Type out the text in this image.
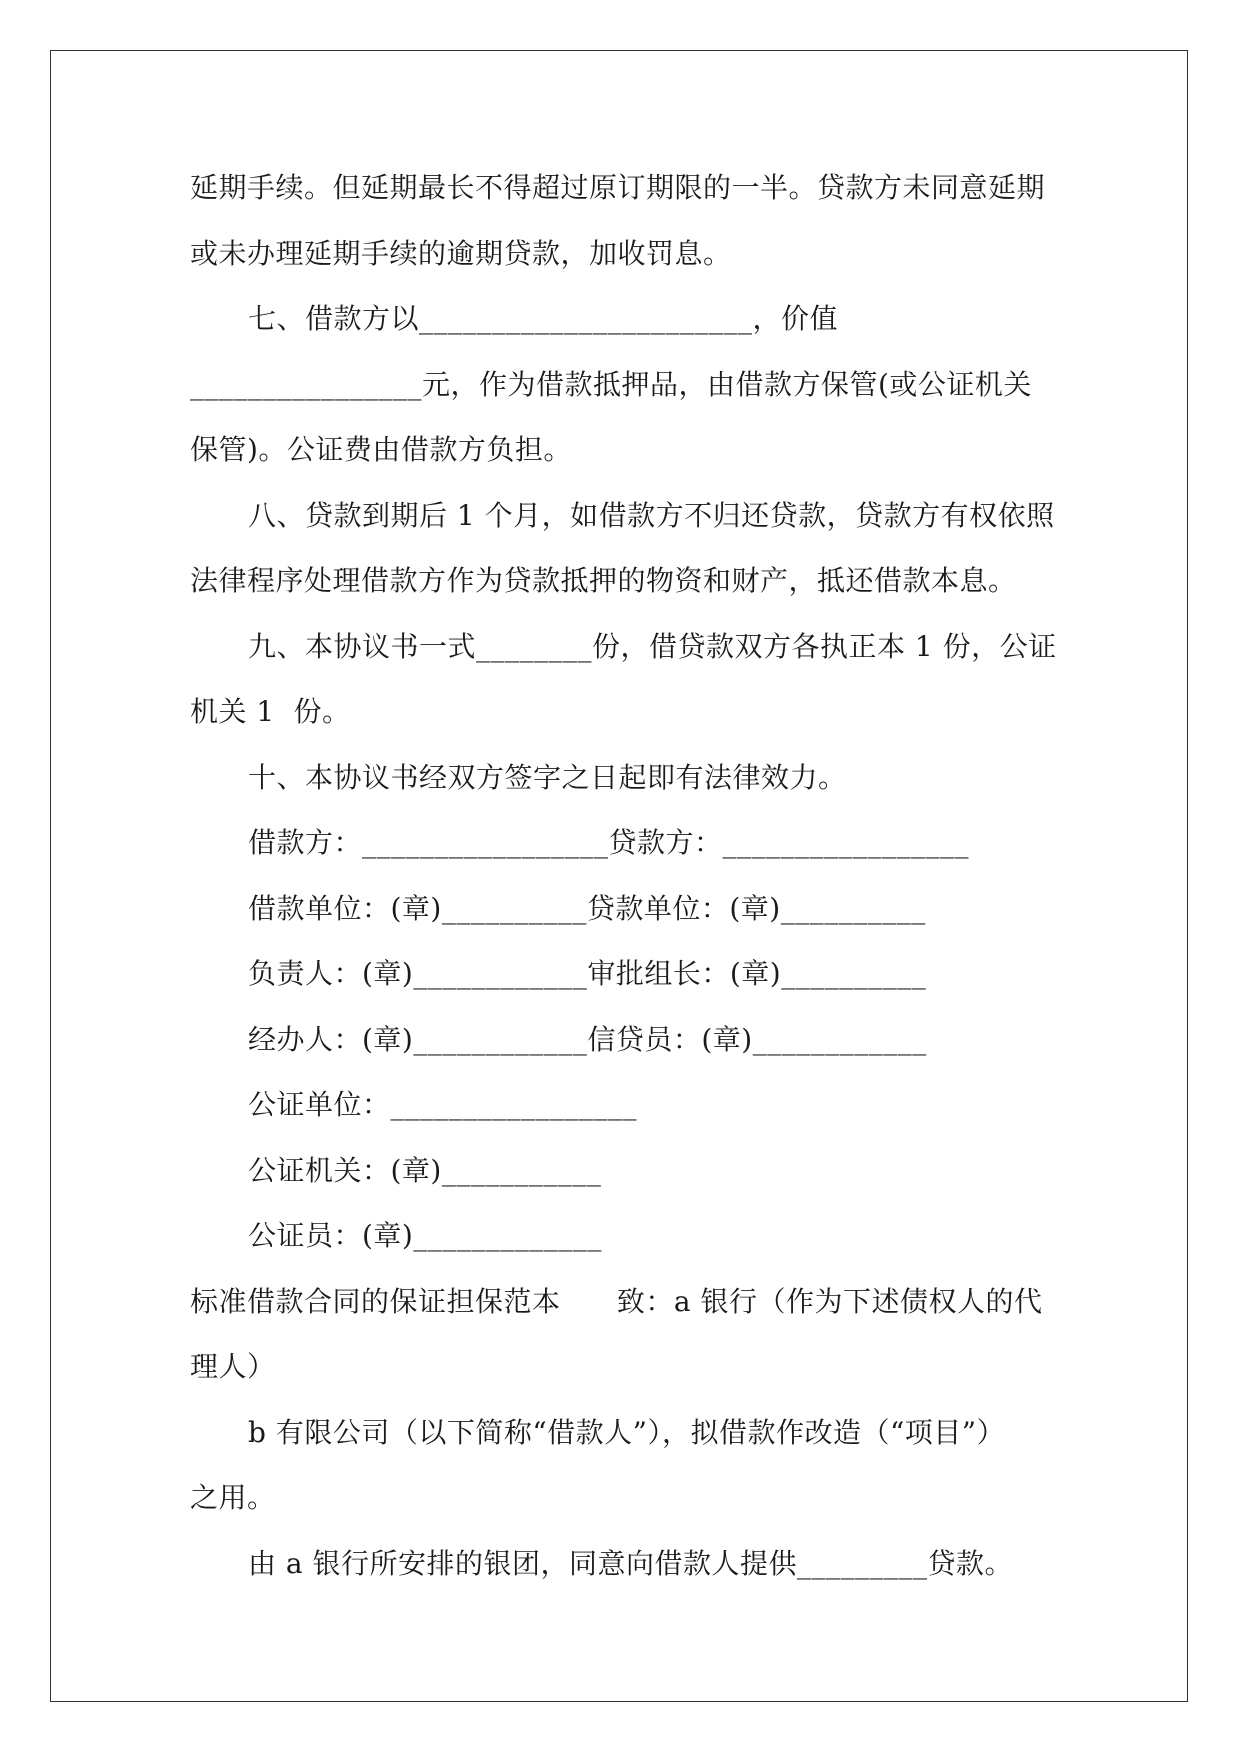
延期手续。但延期最长不得超过原订期限的一半。贷款方未同意延期
或未办理延期手续的逾期贷款，加收罚息。
七、借款方以_______________________，价值
________________元，作为借款抵押品，由借款方保管(或公证机关
保管)。公证费由借款方负担。
八、贷款到期后 1 个月，如借款方不归还贷款，贷款方有权依照
法律程序处理借款方作为贷款抵押的物资和财产，抵还借款本息。
九、本协议书一式________份，借贷款双方各执正本 1 份，公证
机关 1  份。
十、本协议书经双方签字之日起即有法律效力。
借款方：_________________贷款方：_________________
借款单位：(章)__________贷款单位：(章)__________
负责人：(章)____________审批组长：(章)__________
经办人：(章)____________信贷员：(章)____________
公证单位：_________________
公证机关：(章)___________
公证员：(章)_____________
标准借款合同的保证担保范本      致：a 银行（作为下述债权人的代
理人）
b 有限公司（以下简称“借款人”），拟借款作改造（“项目”）
之用。
由 a 银行所安排的银团，同意向借款人提供_________贷款。
